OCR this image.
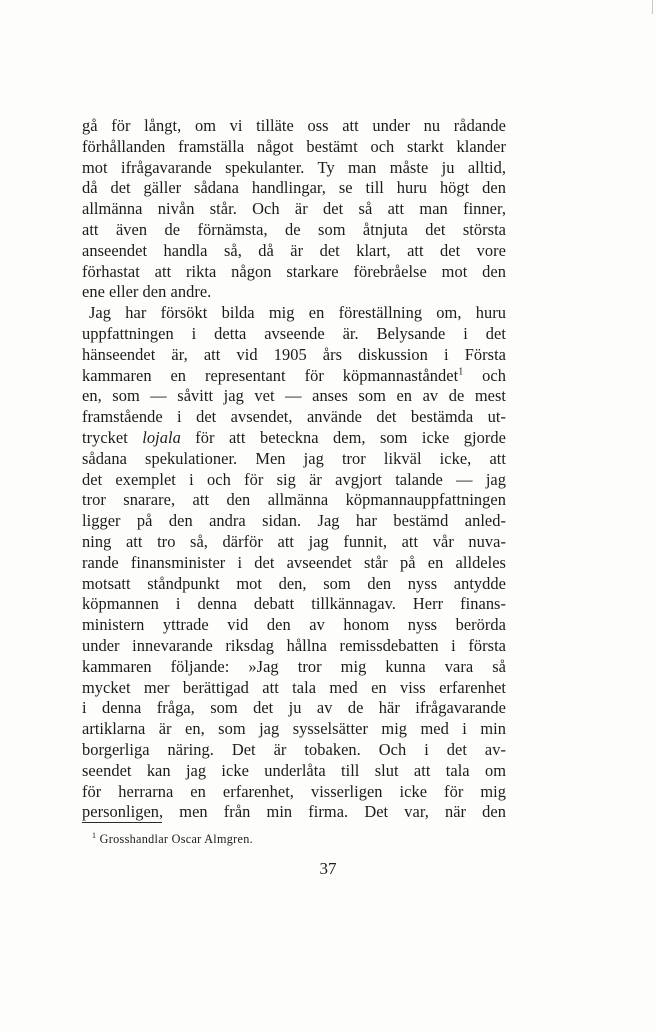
gå för långt, om vi tilläte oss att under nu rådande
förhållanden framställa något bestämt och starkt klander
mot ifrågavarande spekulanter. Ty man måste ju alltid,
då det gäller sådana handlingar, se till huru högt den
allmänna nivån står. Och är det så att man finner,
att även de förnämsta, de som åtnjuta det största
anseendet handla så, då är det klart, att det vore
förhastat att rikta någon starkare förebråelse mot den
ene eller den andre.
Jag har försökt bilda mig en föreställning om, huru
uppfattningen i detta avseende är. Belysande i det
hänseendet är, att vid 1905 års diskussion i Första
kammaren en representant för köpmannaståndet$^1$ och
en, som — såvitt jag vet — anses som en av de mest
framstående i det avsendet, använde det bestämda ut-
trycket lojala för att beteckna dem, som icke gjorde
sådana spekulationer. Men jag tror likväl icke, att
det exemplet i och för sig är avgjort talande — jag
tror snarare, att den allmänna köpmannauppfattningen
ligger på den andra sidan. Jag har bestämd anled-
ning att tro så, därför att jag funnit, att vår nuva-
rande finansminister i det avseendet står på en alldeles
motsatt ståndpunkt mot den, som den nyss antydde
köpmannen i denna debatt tillkännagav. Herr finans-
ministern yttrade vid den av honom nyss berörda
under innevarande riksdag hållna remissdebatten i första
kammaren följande: »Jag tror mig kunna vara så
mycket mer berättigad att tala med en viss erfarenhet
i denna fråga, som det ju av de här ifrågavarande
artiklarna är en, som jag sysselsätter mig med i min
borgerliga näring. Det är tobaken. Och i det av-
seendet kan jag icke underlåta till slut att tala om
för herrarna en erfarenhet, visserligen icke för mig
personligen, men från min firma. Det var, när den
$^1$ Grosshandlar Oscar Almgren.
37
